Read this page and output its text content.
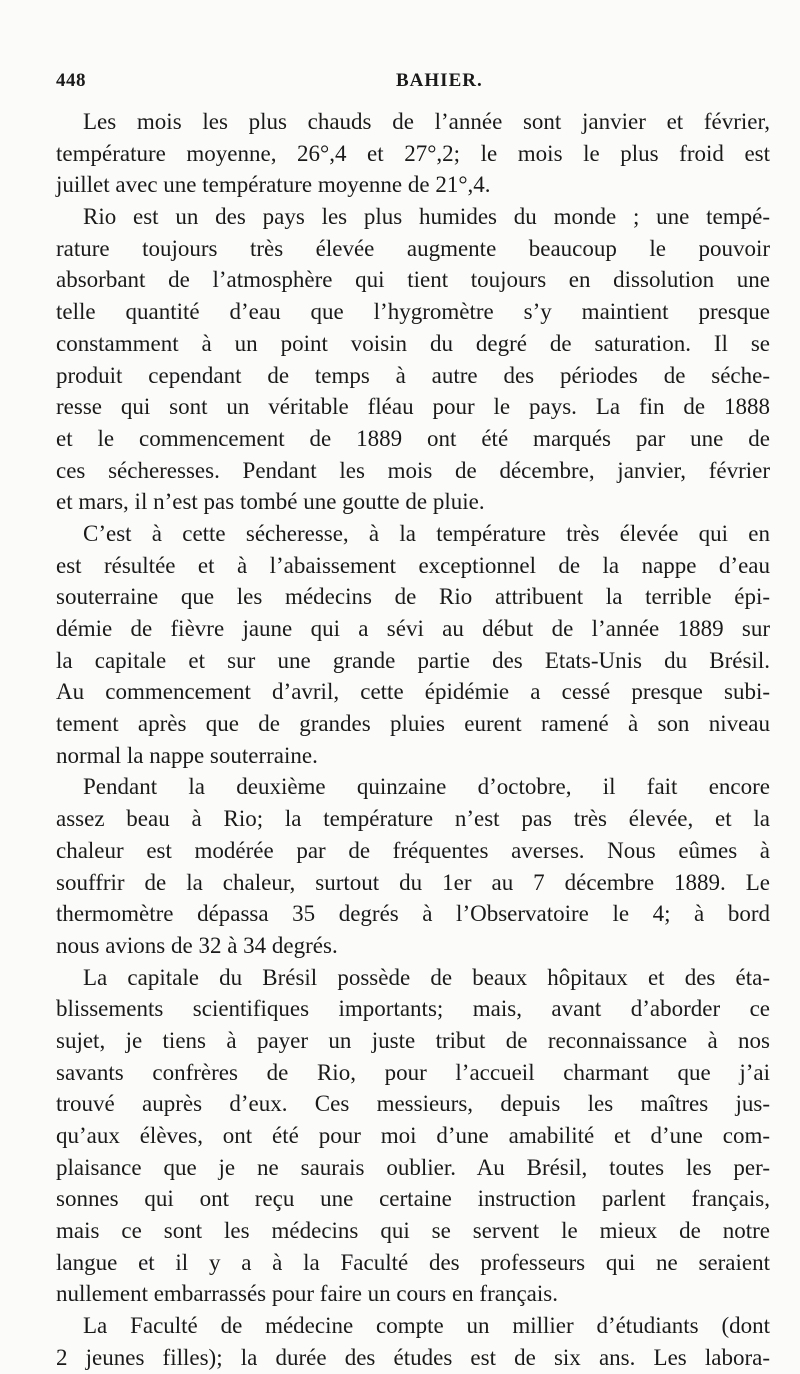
448	BAHIER.
Les mois les plus chauds de l’année sont janvier et février,
température moyenne, 26°,4 et 27°,2; le mois le plus froid est
juillet avec une température moyenne de 21°,4.
Rio est un des pays les plus humides du monde ; une tempé-
rature toujours très élevée augmente beaucoup le pouvoir
absorbant de l’atmosphère qui tient toujours en dissolution une
telle quantité d’eau que l’hygromètre s’y maintient presque
constamment à un point voisin du degré de saturation. Il se
produit cependant de temps à autre des périodes de séche-
resse qui sont un véritable fléau pour le pays. La fin de 1888
et le commencement de 1889 ont été marqués par une de
ces sécheresses. Pendant les mois de décembre, janvier, février
et mars, il n’est pas tombé une goutte de pluie.
C’est à cette sécheresse, à la température très élevée qui en
est résultée et à l’abaissement exceptionnel de la nappe d’eau
souterraine que les médecins de Rio attribuent la terrible épi-
démie de fièvre jaune qui a sévi au début de l’année 1889 sur
la capitale et sur une grande partie des Etats-Unis du Brésil.
Au commencement d’avril, cette épidémie a cessé presque subi-
tement après que de grandes pluies eurent ramené à son niveau
normal la nappe souterraine.
Pendant la deuxième quinzaine d’octobre, il fait encore
assez beau à Rio; la température n’est pas très élevée, et la
chaleur est modérée par de fréquentes averses. Nous eûmes à
souffrir de la chaleur, surtout du 1er au 7 décembre 1889. Le
thermomètre dépassa 35 degrés à l’Observatoire le 4; à bord
nous avions de 32 à 34 degrés.
La capitale du Brésil possède de beaux hôpitaux et des éta-
blissements scientifiques importants; mais, avant d’aborder ce
sujet, je tiens à payer un juste tribut de reconnaissance à nos
savants confrères de Rio, pour l’accueil charmant que j’ai
trouvé auprès d’eux. Ces messieurs, depuis les maîtres jus-
qu’aux élèves, ont été pour moi d’une amabilité et d’une com-
plaisance que je ne saurais oublier. Au Brésil, toutes les per-
sonnes qui ont reçu une certaine instruction parlent français,
mais ce sont les médecins qui se servent le mieux de notre
langue et il y a à la Faculté des professeurs qui ne seraient
nullement embarrassés pour faire un cours en français.
La Faculté de médecine compte un millier d’étudiants (dont
2 jeunes filles); la durée des études est de six ans. Les labora-
